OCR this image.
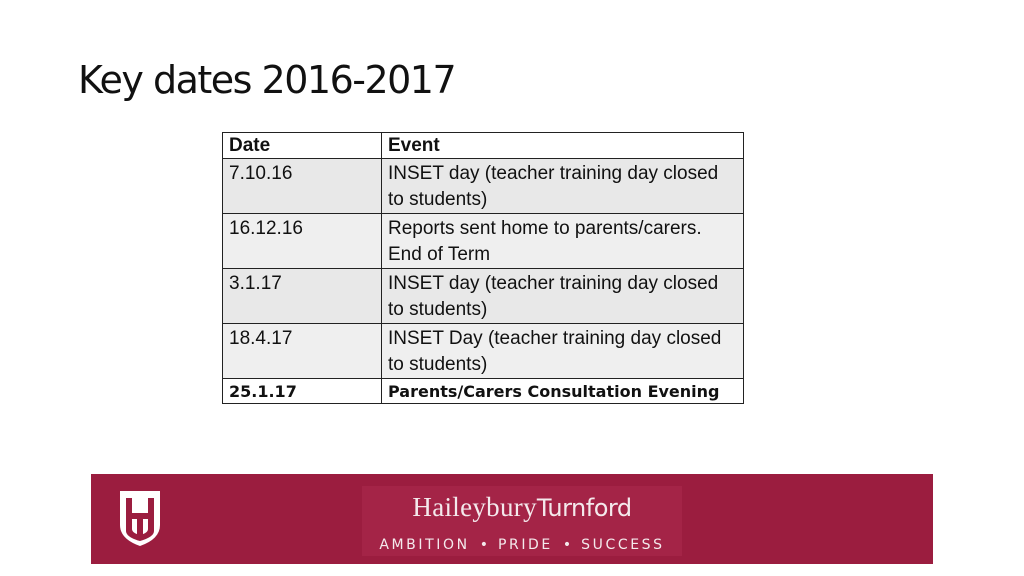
Key dates 2016-2017
Date	Event
7.10.16	INSET day (teacher training day closed to students)
16.12.16	Reports sent home to parents/carers. End of Term
3.1.17	INSET day (teacher training day closed to students)
18.4.17	INSET Day (teacher training day closed to students)
25.1.17	Parents/Carers Consultation Evening
HaileyburyTurnford
AMBITION • PRIDE • SUCCESS
